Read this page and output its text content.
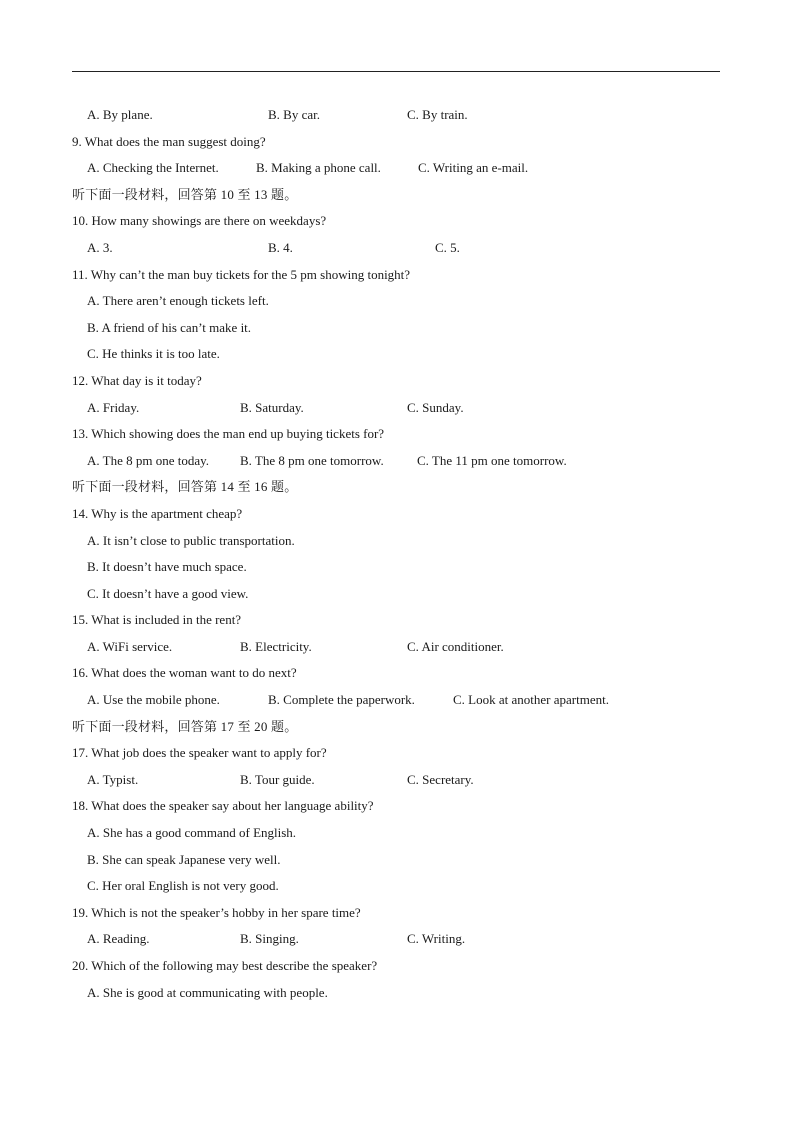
A. By plane.	B. By car.	C. By train.
9. What does the man suggest doing?
A. Checking the Internet.	B. Making a phone call.	C. Writing an e-mail.
听下面一段材料，回答第 10 至 13 题。
10. How many showings are there on weekdays?
A. 3.	B. 4.	C. 5.
11. Why can’t the man buy tickets for the 5 pm showing tonight?
A. There aren’t enough tickets left.
B. A friend of his can’t make it.
C. He thinks it is too late.
12. What day is it today?
A. Friday.	B. Saturday.	C. Sunday.
13. Which showing does the man end up buying tickets for?
A. The 8 pm one today. B. The 8 pm one tomorrow.	C. The 11 pm one tomorrow.
听下面一段材料，回答第 14 至 16 题。
14. Why is the apartment cheap?
A. It isn’t close to public transportation.
B. It doesn’t have much space.
C. It doesn’t have a good view.
15. What is included in the rent?
A. WiFi service.	B. Electricity.	C. Air conditioner.
16. What does the woman want to do next?
A. Use the mobile phone.	B. Complete the paperwork.	C. Look at another apartment.
听下面一段材料，回答第 17 至 20 题。
17. What job does the speaker want to apply for?
A. Typist.	B. Tour guide.	C. Secretary.
18. What does the speaker say about her language ability?
A. She has a good command of English.
B. She can speak Japanese very well.
C. Her oral English is not very good.
19. Which is not the speaker’s hobby in her spare time?
A. Reading.	B. Singing.	C. Writing.
20. Which of the following may best describe the speaker?
A. She is good at communicating with people.
